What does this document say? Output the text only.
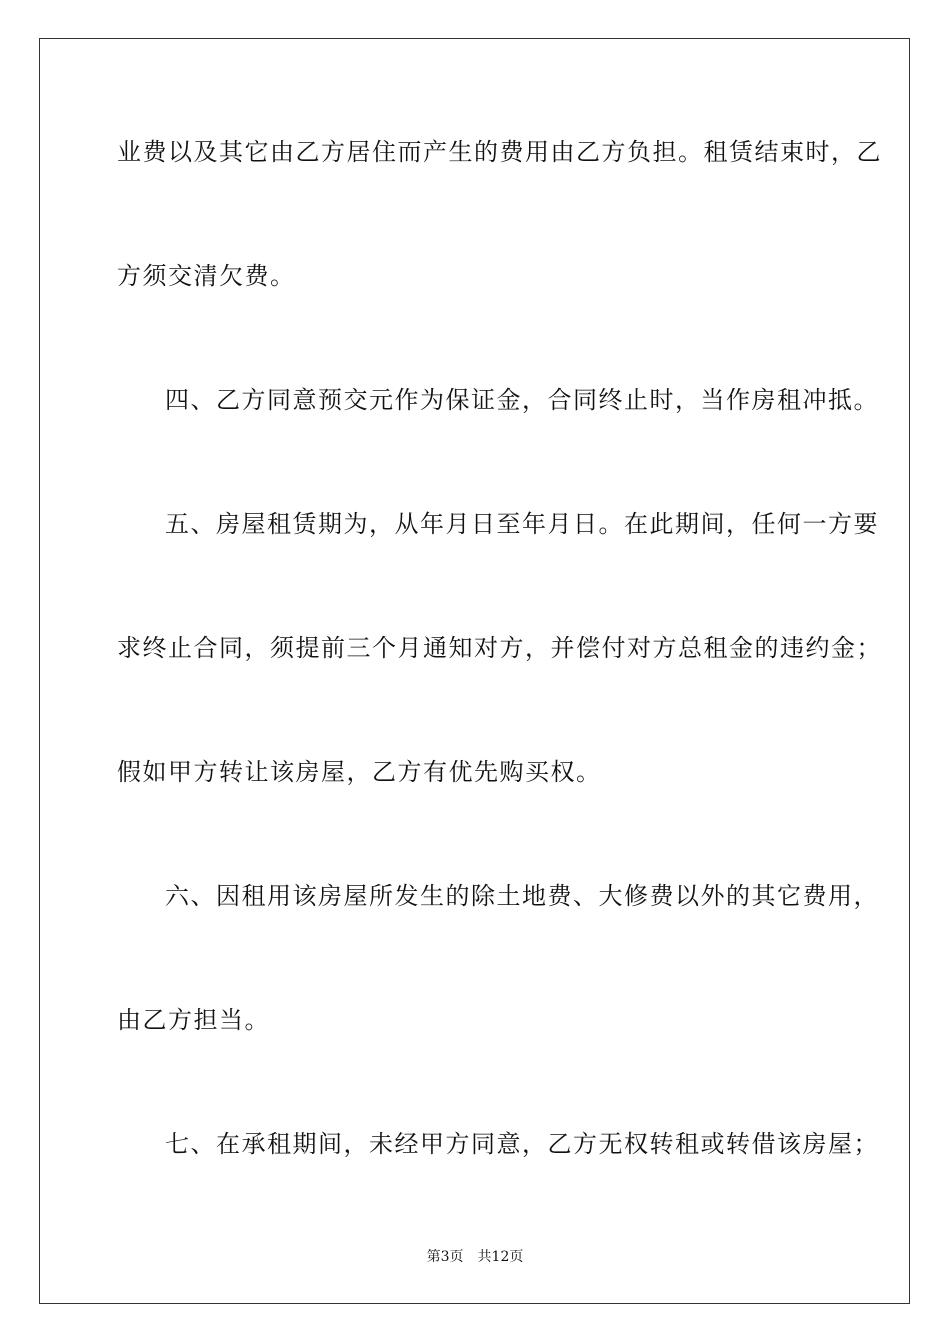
业费以及其它由乙方居住而产生的费用由乙方负担。租赁结束时，乙
方须交清欠费。
四、乙方同意预交元作为保证金，合同终止时，当作房租冲抵。
五、房屋租赁期为，从年月日至年月日。在此期间，任何一方要
求终止合同，须提前三个月通知对方，并偿付对方总租金的违约金；
假如甲方转让该房屋，乙方有优先购买权。
六、因租用该房屋所发生的除土地费、大修费以外的其它费用，
由乙方担当。
七、在承租期间，未经甲方同意，乙方无权转租或转借该房屋；
第3页 共12页
